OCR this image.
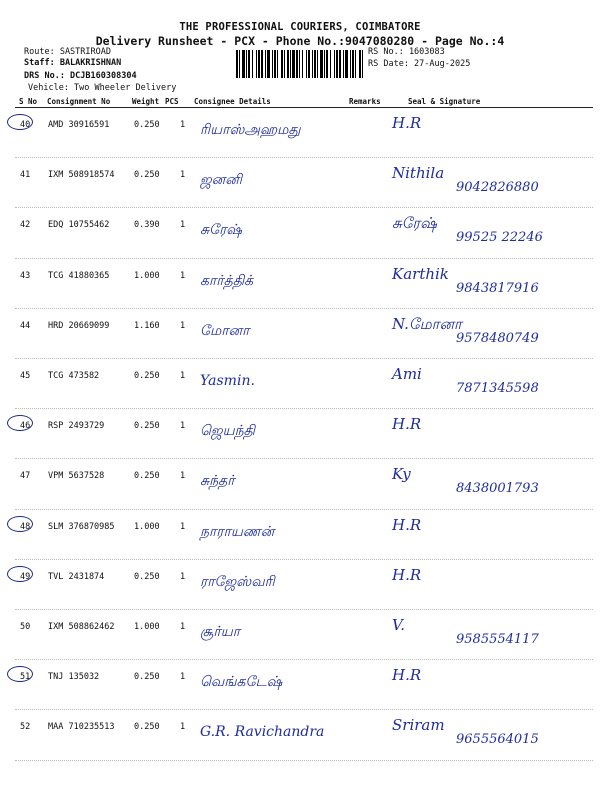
THE PROFESSIONAL COURIERS, COIMBATORE
Delivery Runsheet - PCX - Phone No.:9047080280 - Page No.:4
Route: SASTRIROAD
Staff: BALAKRISHNAN
DRS No.: DCJB160308304
Vehicle: Two Wheeler Delivery
RS No.: 1603083
RS Date: 27-Aug-2025
S No Consignment No	Weight PCS Consignee Details	Remarks	Seal & Signature
40 AMD 30916591	0.250 1 ரியாஸ்அஹமது	H.R
41 IXM 508918574 0.250 1 ஜனனி	Nithila
9042826880
42 EDQ 10755462	0.390 1 சுரேஷ்	சுரேஷ்
99525 22246
43 TCG 41880365	1.000 1 கார்த்திக்	Karthik
9843817916
44 HRD 20669099	1.160 1 மோனா	N.மோனா
9578480749
45 TCG 473582	0.250 1 Yasmin.	Ami
7871345598
46 RSP 2493729	0.250 1 ஜெயந்தி	H.R
47 VPM 5637528	0.250 1 சுந்தர்	Ky
8438001793
48 SLM 376870985 1.000 1 நாராயணன்	H.R
49 TVL 2431874	0.250 1 ராஜேஸ்வரி	H.R
50 IXM 508862462 1.000 1 சூர்யா	V.
9585554117
51 TNJ 135032	0.250 1 வெங்கடேஷ்	H.R
52 MAA 710235513 0.250 1 G.R. Ravichandra	Sriram
9655564015
